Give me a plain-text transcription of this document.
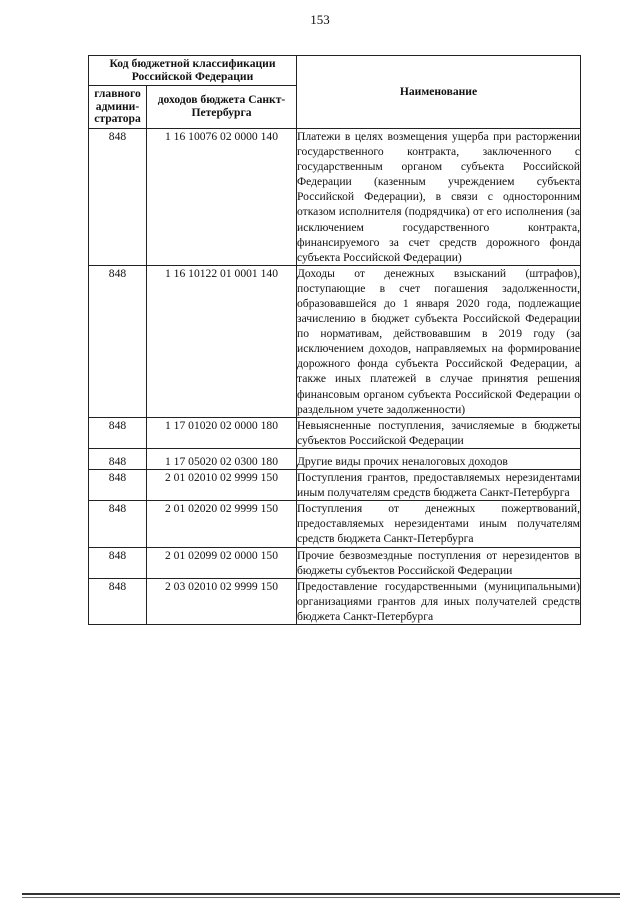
153
Код бюджетной классификации Российской Федерации		Наименование
главного админи-стратора	доходов бюджета Санкт-Петербурга	
848	1 16 10076 02 0000 140	Платежи в целях возмещения ущерба при расторжении государственного контракта, заключенного с государственным органом субъекта Российской Федерации (казенным учреждением субъекта Российской Федерации), в связи с односторонним отказом исполнителя (подрядчика) от его исполнения (за исключением государственного контракта, финансируемого за счет средств дорожного фонда субъекта Российской Федерации)
848	1 16 10122 01 0001 140	Доходы от денежных взысканий (штрафов), поступающие в счет погашения задолженности, образовавшейся до 1 января 2020 года, подлежащие зачислению в бюджет субъекта Российской Федерации по нормативам, действовавшим в 2019 году (за исключением доходов, направляемых на формирование дорожного фонда субъекта Российской Федерации, а также иных платежей в случае принятия решения финансовым органом субъекта Российской Федерации о раздельном учете задолженности)
848	1 17 01020 02 0000 180	Невыясненные поступления, зачисляемые в бюджеты субъектов Российской Федерации
848	1 17 05020 02 0300 180	Другие виды прочих неналоговых доходов
848	2 01 02010 02 9999 150	Поступления грантов, предоставляемых нерезидентами иным получателям средств бюджета Санкт-Петербурга
848	2 01 02020 02 9999 150	Поступления от денежных пожертвований, предоставляемых нерезидентами иным получателям средств бюджета Санкт-Петербурга
848	2 01 02099 02 0000 150	Прочие безвозмездные поступления от нерезидентов в бюджеты субъектов Российской Федерации
848	2 03 02010 02 9999 150	Предоставление государственными (муниципальными) организациями грантов для иных получателей средств бюджета Санкт-Петербурга
